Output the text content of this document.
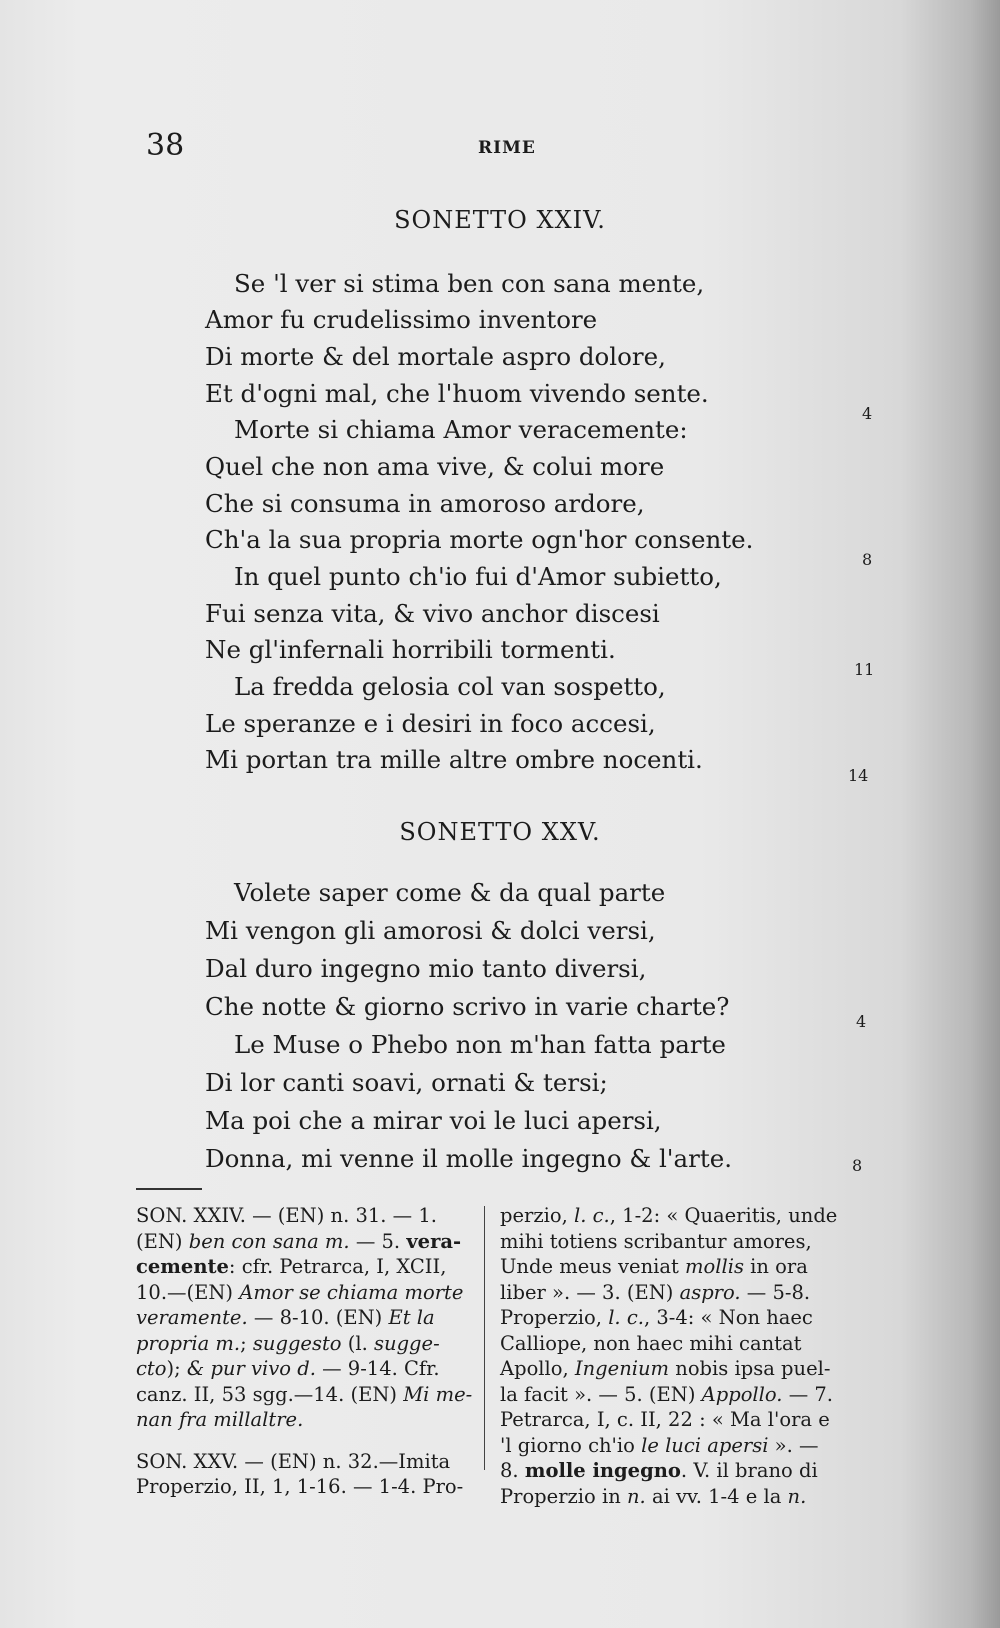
38	RIME
SONETTO XXIV.
Se 'l ver si stima ben con sana mente,
Amor fu crudelissimo inventore
Di morte & del mortale aspro dolore,
Et d'ogni mal, che l'huom vivendo sente.
Morte si chiama Amor veracemente:
Quel che non ama vive, & colui more
Che si consuma in amoroso ardore,
Ch'a la sua propria morte ogn'hor consente.
In quel punto ch'io fui d'Amor subietto,
Fui senza vita, & vivo anchor discesi
Ne gl'infernali horribili tormenti.
La fredda gelosia col van sospetto,
Le speranze e i desiri in foco accesi,
Mi portan tra mille altre ombre nocenti.
4
8
11
14
SONETTO XXV.
Volete saper come & da qual parte
Mi vengon gli amorosi & dolci versi,
Dal duro ingegno mio tanto diversi,
Che notte & giorno scrivo in varie charte?
Le Muse o Phebo non m'han fatta parte
Di lor canti soavi, ornati & tersi;
Ma poi che a mirar voi le luci apersi,
Donna, mi venne il molle ingegno & l'arte.
4
8
SON. XXIV. — (EN) n. 31. — 1.
(EN) ben con sana m. — 5. vera-
cemente: cfr. Petrarca, I, XCII,
10.—(EN) Amor se chiama morte
veramente. — 8-10. (EN) Et la
propria m.; suggesto (l. sugge-
cto); & pur vivo d. — 9-14. Cfr.
canz. II, 53 sgg.—14. (EN) Mi me-
nan fra millaltre.
SON. XXV. — (EN) n. 32.—Imita
Properzio, II, 1, 1-16. — 1-4. Pro-
perzio, l. c., 1-2: « Quaeritis, unde
mihi totiens scribantur amores,
Unde meus veniat mollis in ora
liber ». — 3. (EN) aspro. — 5-8.
Properzio, l. c., 3-4: « Non haec
Calliope, non haec mihi cantat
Apollo, Ingenium nobis ipsa puel-
la facit ». — 5. (EN) Appollo. — 7.
Petrarca, I, c. II, 22 : « Ma l'ora e
'l giorno ch'io le luci apersi ». —
8. molle ingegno. V. il brano di
Properzio in n. ai vv. 1-4 e la n.
